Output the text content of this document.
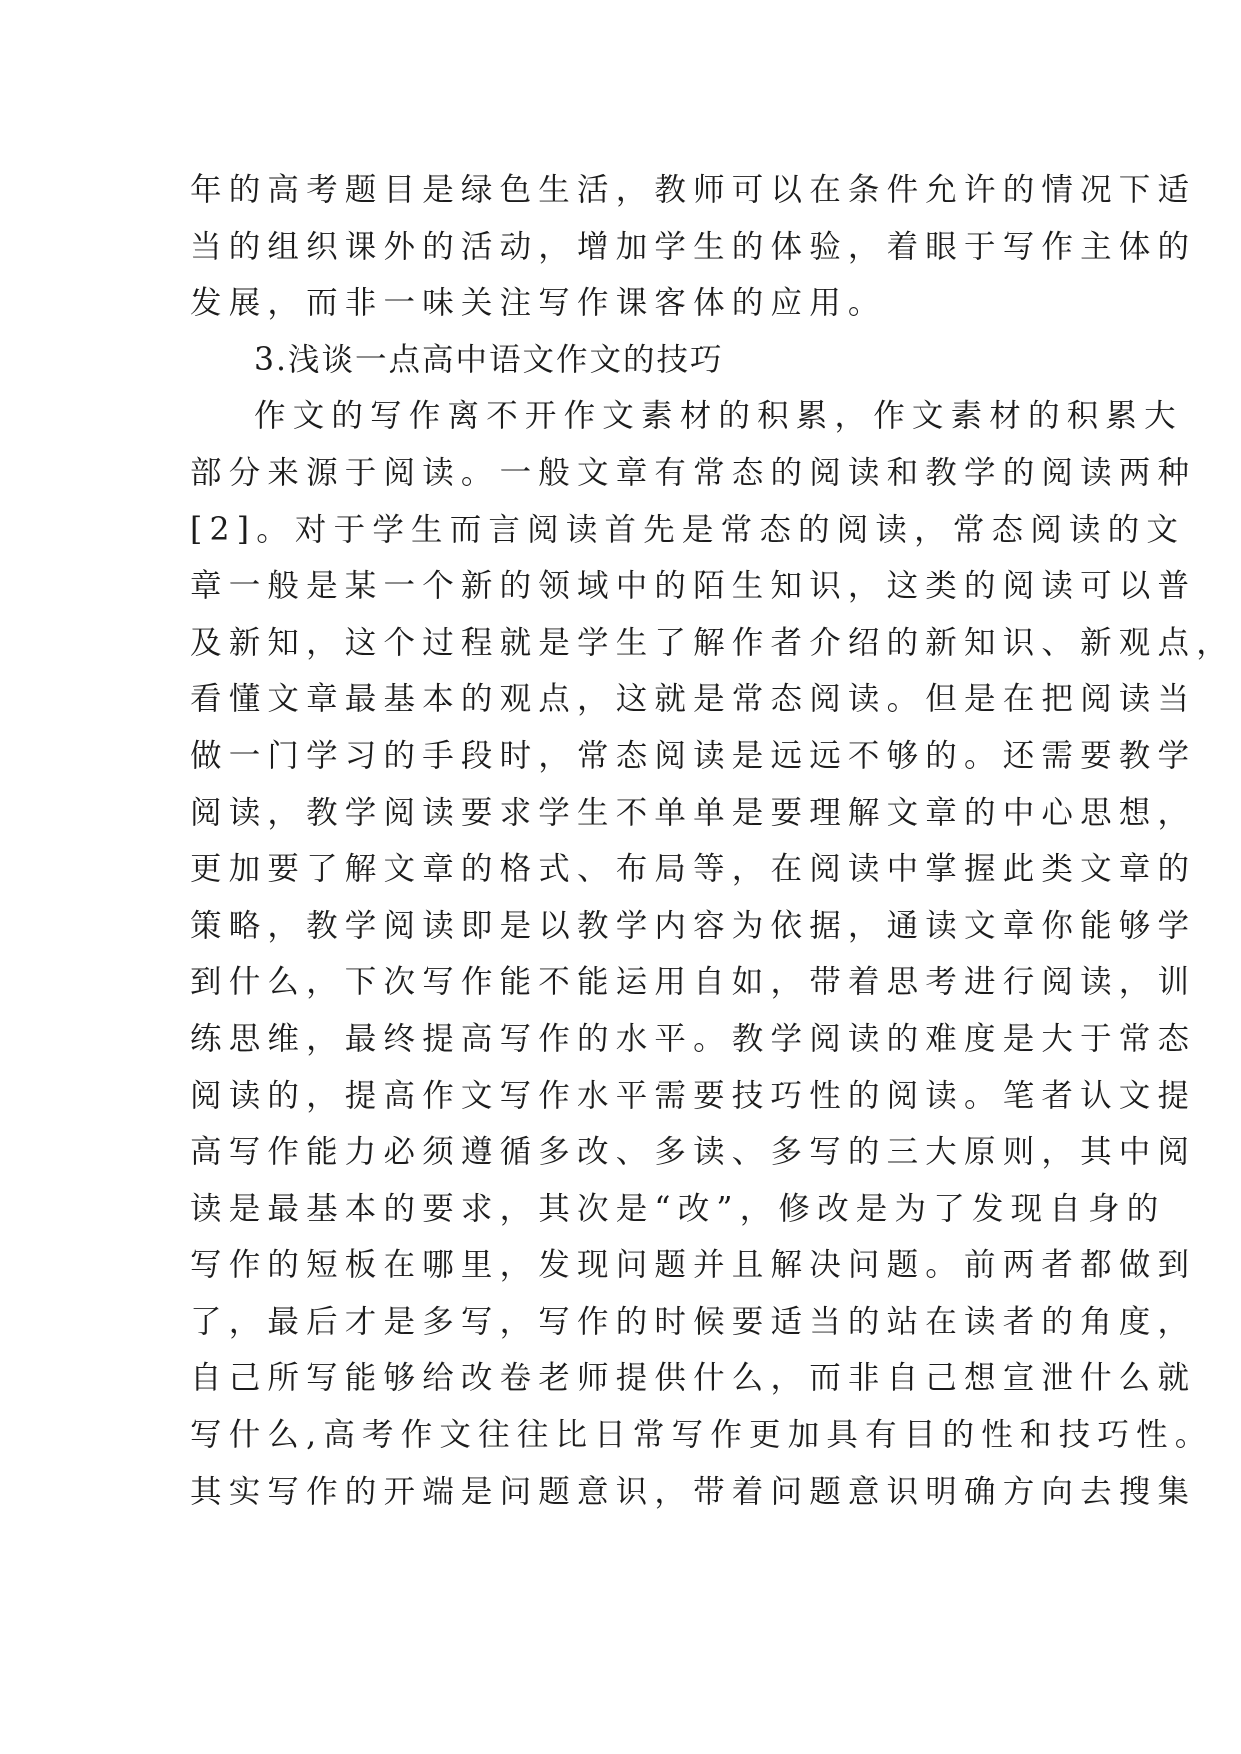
年的高考题目是绿色生活，教师可以在条件允许的情况下适
当的组织课外的活动，增加学生的体验，着眼于写作主体的
发展，而非一味关注写作课客体的应用。
3.浅谈一点高中语文作文的技巧
作文的写作离不开作文素材的积累，作文素材的积累大
部分来源于阅读。一般文章有常态的阅读和教学的阅读两种
[2]。对于学生而言阅读首先是常态的阅读，常态阅读的文
章一般是某一个新的领域中的陌生知识，这类的阅读可以普
及新知，这个过程就是学生了解作者介绍的新知识、新观点，
看懂文章最基本的观点，这就是常态阅读。但是在把阅读当
做一门学习的手段时，常态阅读是远远不够的。还需要教学
阅读，教学阅读要求学生不单单是要理解文章的中心思想，
更加要了解文章的格式、布局等，在阅读中掌握此类文章的
策略，教学阅读即是以教学内容为依据，通读文章你能够学
到什么，下次写作能不能运用自如，带着思考进行阅读，训
练思维，最终提高写作的水平。教学阅读的难度是大于常态
阅读的，提高作文写作水平需要技巧性的阅读。笔者认文提
高写作能力必须遵循多改、多读、多写的三大原则，其中阅
读是最基本的要求，其次是“改”，修改是为了发现自身的
写作的短板在哪里，发现问题并且解决问题。前两者都做到
了，最后才是多写，写作的时候要适当的站在读者的角度，
自己所写能够给改卷老师提供什么，而非自己想宣泄什么就
写什么,高考作文往往比日常写作更加具有目的性和技巧性。
其实写作的开端是问题意识，带着问题意识明确方向去搜集
